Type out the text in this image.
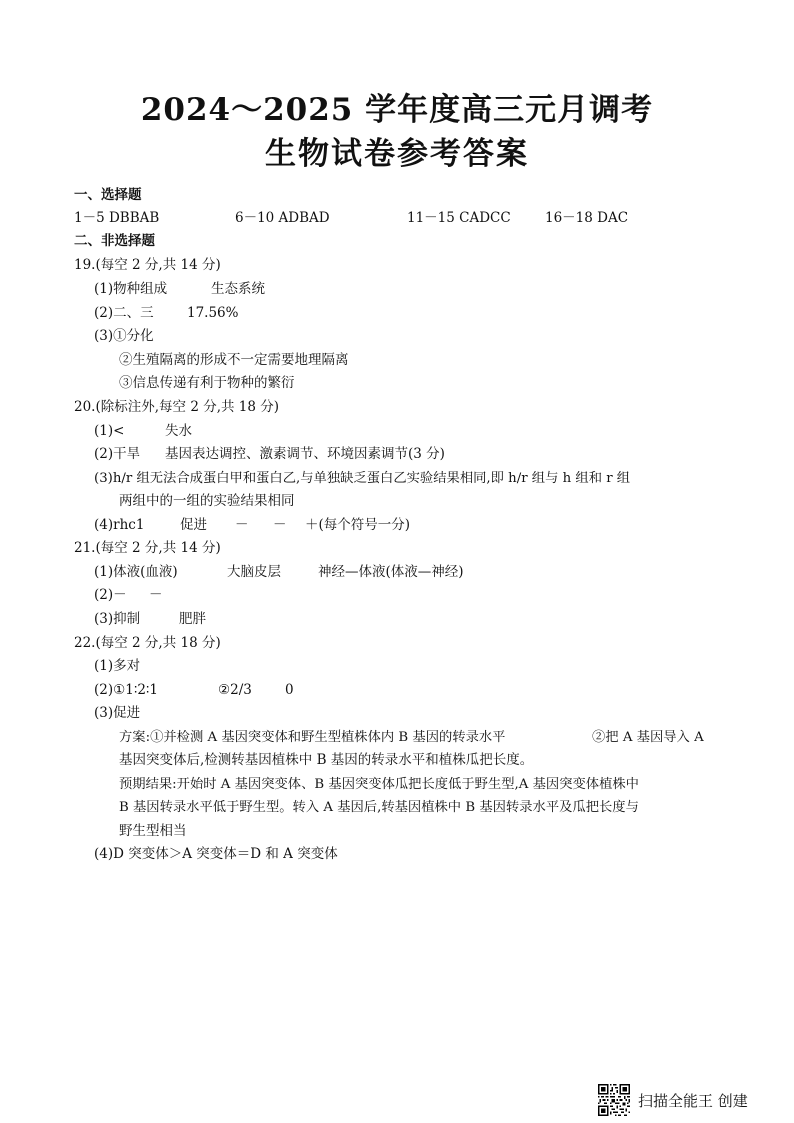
2024～2025 学年度高三元月调考
生物试卷参考答案
一、选择题
1－5 DBBAB	6－10 ADBAD	11－15 CADCC	16－18 DAC
二、非选择题
19.(每空 2 分,共 14 分)
(1)物种组成	生态系统
(2)二、三 17.56%
(3)①分化
②生殖隔离的形成不一定需要地理隔离
③信息传递有利于物种的繁衍
20.(除标注外,每空 2 分,共 18 分)
(1)<	失水
(2)干旱 基因表达调控、激素调节、环境因素调节(3 分)
(3)h/r 组无法合成蛋白甲和蛋白乙,与单独缺乏蛋白乙实验结果相同,即 h/r 组与 h 组和 r 组
两组中的一组的实验结果相同
(4)rhc1	促进 － － ＋(每个符号一分)
21.(每空 2 分,共 14 分)
(1)体液(血液)	大脑皮层	神经—体液(体液—神经)
(2)－ －
(3)抑制	肥胖
22.(每空 2 分,共 18 分)
(1)多对
(2)①1∶2∶1	②2/3 0
(3)促进
方案:①并检测 A 基因突变体和野生型植株体内 B 基因的转录水平	②把 A 基因导入 A
基因突变体后,检测转基因植株中 B 基因的转录水平和植株瓜把长度。
预期结果:开始时 A 基因突变体、B 基因突变体瓜把长度低于野生型,A 基因突变体植株中
B 基因转录水平低于野生型。转入 A 基因后,转基因植株中 B 基因转录水平及瓜把长度与
野生型相当
(4)D 突变体＞A 突变体＝D 和 A 突变体
扫描全能王 创建
